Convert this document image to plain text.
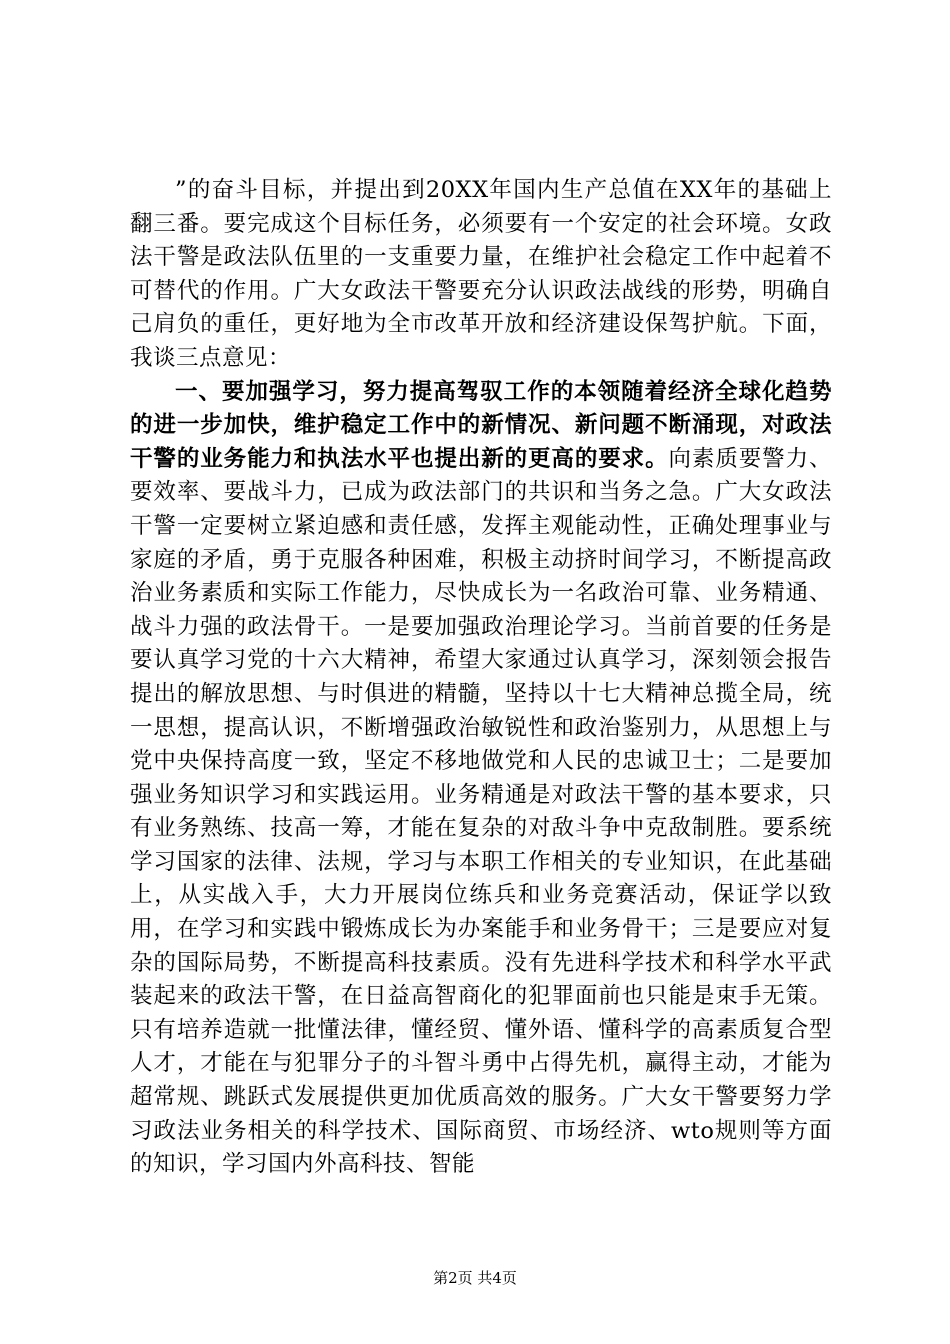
”的奋斗目标，并提出到20XX年国内生产总值在XX年的基础上翻三番。要完成这个目标任务，必须要有一个安定的社会环境。女政法干警是政法队伍里的一支重要力量，在维护社会稳定工作中起着不可替代的作用。广大女政法干警要充分认识政法战线的形势，明确自己肩负的重任，更好地为全市改革开放和经济建设保驾护航。下面，我谈三点意见：

一、要加强学习，努力提高驾驭工作的本领随着经济全球化趋势的进一步加快，维护稳定工作中的新情况、新问题不断涌现，对政法干警的业务能力和执法水平也提出新的更高的要求。向素质要警力、要效率、要战斗力，已成为政法部门的共识和当务之急。广大女政法干警一定要树立紧迫感和责任感，发挥主观能动性，正确处理事业与家庭的矛盾，勇于克服各种困难，积极主动挤时间学习，不断提高政治业务素质和实际工作能力，尽快成长为一名政治可靠、业务精通、战斗力强的政法骨干。一是要加强政治理论学习。当前首要的任务是要认真学习党的十六大精神，希望大家通过认真学习，深刻领会报告提出的解放思想、与时俱进的精髓，坚持以十七大精神总揽全局，统一思想，提高认识，不断增强政治敏锐性和政治鉴别力，从思想上与党中央保持高度一致，坚定不移地做党和人民的忠诚卫士；二是要加强业务知识学习和实践运用。业务精通是对政法干警的基本要求，只有业务熟练、技高一筹，才能在复杂的对敌斗争中克敌制胜。要系统学习国家的法律、法规，学习与本职工作相关的专业知识，在此基础上，从实战入手，大力开展岗位练兵和业务竞赛活动，保证学以致用，在学习和实践中锻炼成长为办案能手和业务骨干；三是要应对复杂的国际局势，不断提高科技素质。没有先进科学技术和科学水平武装起来的政法干警，在日益高智商化的犯罪面前也只能是束手无策。只有培养造就一批懂法律，懂经贸、懂外语、懂科学的高素质复合型人才，才能在与犯罪分子的斗智斗勇中占得先机，赢得主动，才能为超常规、跳跃式发展提供更加优质高效的服务。广大女干警要努力学习政法业务相关的科学技术、国际商贸、市场经济、wto规则等方面的知识，学习国内外高科技、智能

第2页 共4页
